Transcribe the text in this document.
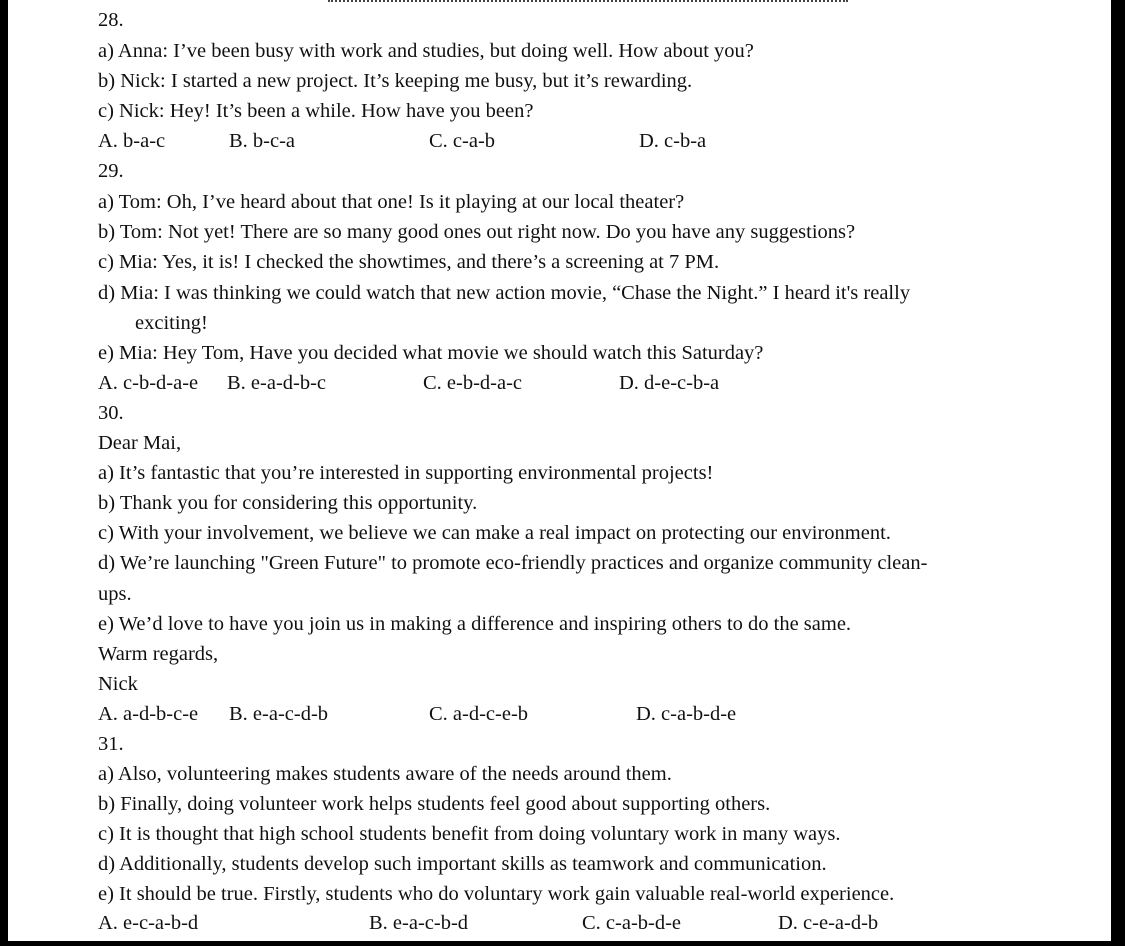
28.
a) Anna: I’ve been busy with work and studies, but doing well. How about you?
b) Nick: I started a new project. It’s keeping me busy, but it’s rewarding.
c) Nick: Hey! It’s been a while. How have you been?
A. b-a-c	B. b-c-a	C. c-a-b	D. c-b-a
29.
a) Tom: Oh, I’ve heard about that one! Is it playing at our local theater?
b) Tom: Not yet! There are so many good ones out right now. Do you have any suggestions?
c) Mia: Yes, it is! I checked the showtimes, and there’s a screening at 7 PM.
d) Mia: I was thinking we could watch that new action movie, “Chase the Night.” I heard it's really
exciting!
e) Mia: Hey Tom, Have you decided what movie we should watch this Saturday?
A. c-b-d-a-e B. e-a-d-b-c	C. e-b-d-a-c	D. d-e-c-b-a
30.
Dear Mai,
a) It’s fantastic that you’re interested in supporting environmental projects!
b) Thank you for considering this opportunity.
c) With your involvement, we believe we can make a real impact on protecting our environment.
d) We’re launching "Green Future" to promote eco-friendly practices and organize community clean-
ups.
e) We’d love to have you join us in making a difference and inspiring others to do the same.
Warm regards,
Nick
A. a-d-b-c-e B. e-a-c-d-b	C. a-d-c-e-b	D. c-a-b-d-e
31.
a) Also, volunteering makes students aware of the needs around them.
b) Finally, doing volunteer work helps students feel good about supporting others.
c) It is thought that high school students benefit from doing voluntary work in many ways.
d) Additionally, students develop such important skills as teamwork and communication.
e) It should be true. Firstly, students who do voluntary work gain valuable real-world experience.
A. e-c-a-b-d	B. e-a-c-b-d	C. c-a-b-d-e	D. c-e-a-d-b
